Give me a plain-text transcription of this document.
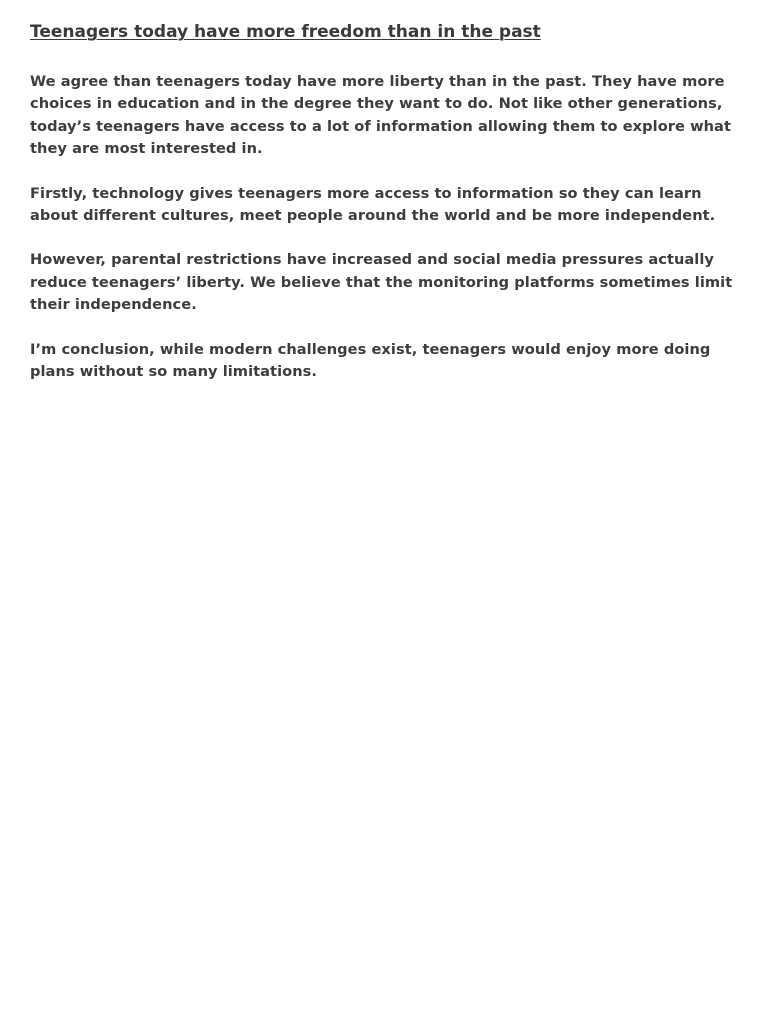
Teenagers today have more freedom than in the past

We agree than teenagers today have more liberty than in the past. They have more choices in education and in the degree they want to do. Not like other generations, today’s teenagers have access to a lot of information allowing them to explore what they are most interested in.

Firstly, technology gives teenagers more access to information so they can learn about different cultures, meet people around the world and be more independent.

However, parental restrictions have increased and social media pressures actually reduce teenagers’ liberty. We believe that the monitoring platforms sometimes limit their independence.

I’m conclusion, while modern challenges exist, teenagers would enjoy more doing plans without so many limitations.
